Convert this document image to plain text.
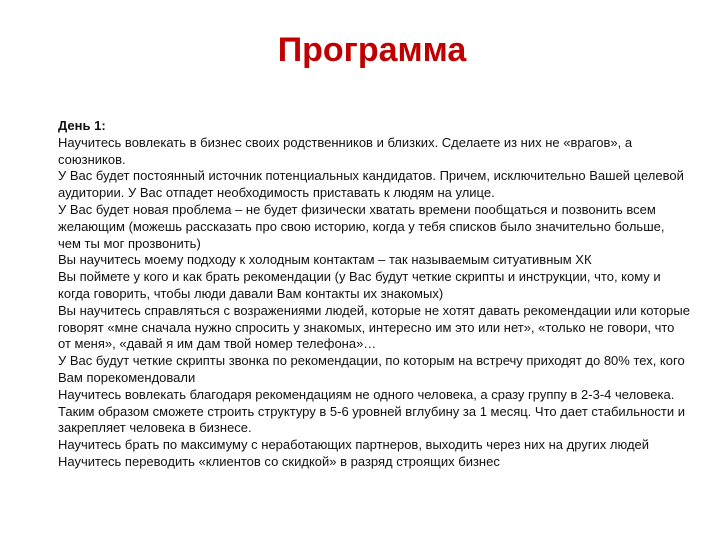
Программа
День 1:
Научитесь вовлекать в бизнес своих родственников и близких. Сделаете из них не «врагов», а союзников.
У Вас будет постоянный источник потенциальных кандидатов. Причем, исключительно Вашей целевой аудитории. У Вас отпадет необходимость приставать к людям на улице.
У Вас будет новая проблема – не будет физически хватать времени пообщаться и позвонить всем желающим (можешь рассказать про свою историю, когда у тебя списков было значительно больше, чем ты мог прозвонить)
Вы научитесь моему подходу к холодным контактам – так называемым ситуативным ХК
Вы поймете у кого и как брать рекомендации (у Вас будут четкие скрипты и инструкции, что, кому и когда говорить, чтобы люди давали Вам контакты их знакомых)
Вы научитесь справляться с возражениями людей, которые не хотят давать рекомендации или которые говорят «мне сначала нужно спросить у знакомых, интересно им это или нет», «только не говори, что от меня», «давай я им дам твой номер телефона»…
У Вас будут четкие скрипты звонка по рекомендации, по которым на встречу приходят до 80% тех, кого Вам порекомендовали
Научитесь вовлекать благодаря рекомендациям не одного человека, а сразу группу в 2-3-4 человека. Таким образом сможете строить структуру в 5-6 уровней вглубину за 1 месяц. Что дает стабильности и закрепляет человека в бизнесе.
Научитесь брать по максимуму с неработающих партнеров, выходить через них на других людей
Научитесь переводить «клиентов со скидкой» в разряд строящих бизнес
